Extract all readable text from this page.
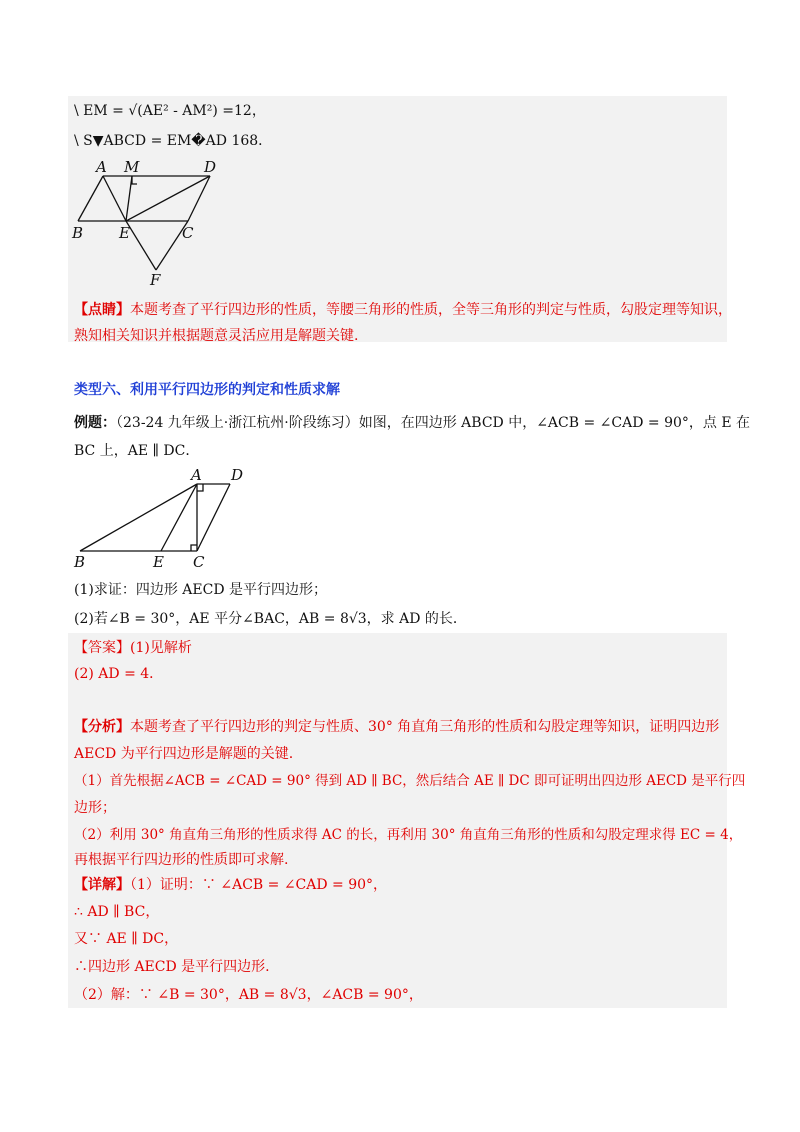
\ EM = √(AE² - AM²) =12，
\ S▼ABCD = EM�AD 168．
A M	D
B E	C
F
【点睛】本题考查了平行四边形的性质，等腰三角形的性质，全等三角形的判定与性质，勾股定理等知识，
熟知相关知识并根据题意灵活应用是解题关键.
类型六、利用平行四边形的判定和性质求解
例题：（23-24 九年级上·浙江杭州·阶段练习）如图，在四边形 ABCD 中，∠ACB = ∠CAD = 90°，点 E 在
BC 上，AE ∥ DC．
A D
B	E C
(1)求证：四边形 AECD 是平行四边形；
(2)若∠B = 30°，AE 平分∠BAC，AB = 8√3，求 AD 的长．
【答案】(1)见解析
(2) AD = 4．
【分析】本题考查了平行四边形的判定与性质、30° 角直角三角形的性质和勾股定理等知识，证明四边形
AECD 为平行四边形是解题的关键.
（1）首先根据∠ACB = ∠CAD = 90° 得到 AD ∥ BC，然后结合 AE ∥ DC 即可证明出四边形 AECD 是平行四
边形；
（2）利用 30° 角直角三角形的性质求得 AC 的长，再利用 30° 角直角三角形的性质和勾股定理求得 EC = 4，
再根据平行四边形的性质即可求解.
【详解】（1）证明：∵ ∠ACB = ∠CAD = 90°，
∴ AD ∥ BC，
又∵ AE ∥ DC，
∴四边形 AECD 是平行四边形.
（2）解：∵ ∠B = 30°，AB = 8√3，∠ACB = 90°，
